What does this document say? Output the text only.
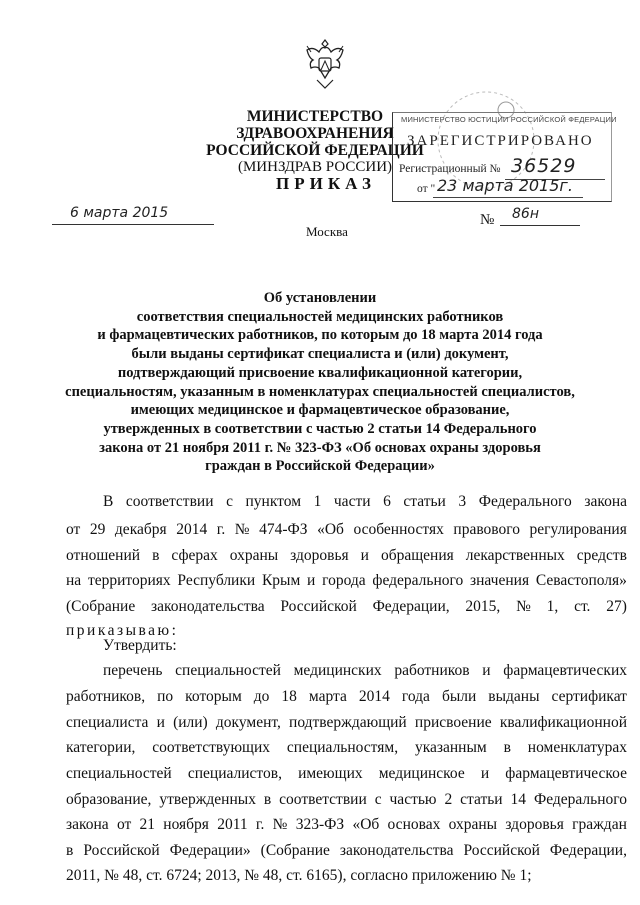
МИНИСТЕРСТВО ЗДРАВООХРАНЕНИЯ
РОССИЙСКОЙ ФЕДЕРАЦИИ
(МИНЗДРАВ РОССИИ)
МИНИСТЕРСТВО ЮСТИЦИИ РОССИЙСКОЙ ФЕДЕРАЦИИ
ЗАРЕГИСТРИРОВАНО
Регистрационный № 36529
от " 23 марта 2015г.
ПРИКАЗ
6 марта 2015
Москва
№ 86н
Об установлении
соответствия специальностей медицинских работников
и фармацевтических работников, по которым до 18 марта 2014 года
были выданы сертификат специалиста и (или) документ,
подтверждающий присвоение квалификационной категории,
специальностям, указанным в номенклатурах специальностей специалистов,
имеющих медицинское и фармацевтическое образование,
утвержденных в соответствии с частью 2 статьи 14 Федерального
закона от 21 ноября 2011 г. № 323-ФЗ «Об основах охраны здоровья
граждан в Российской Федерации»
В соответствии с пунктом 1 части 6 статьи 3 Федерального закона
от 29 декабря 2014 г. № 474-ФЗ «Об особенностях правового регулирования
отношений в сферах охраны здоровья и обращения лекарственных средств
на территориях Республики Крым и города федерального значения Севастополя»
(Собрание законодательства Российской Федерации, 2015, № 1, ст. 27)
приказываю:
Утвердить:
перечень специальностей медицинских работников и фармацевтических
работников, по которым до 18 марта 2014 года были выданы сертификат
специалиста и (или) документ, подтверждающий присвоение квалификационной
категории, соответствующих специальностям, указанным в номенклатурах
специальностей специалистов, имеющих медицинское и фармацевтическое
образование, утвержденных в соответствии с частью 2 статьи 14 Федерального
закона от 21 ноября 2011 г. № 323-ФЗ «Об основах охраны здоровья граждан
в Российской Федерации» (Собрание законодательства Российской Федерации,
2011, № 48, ст. 6724; 2013, № 48, ст. 6165), согласно приложению № 1;
